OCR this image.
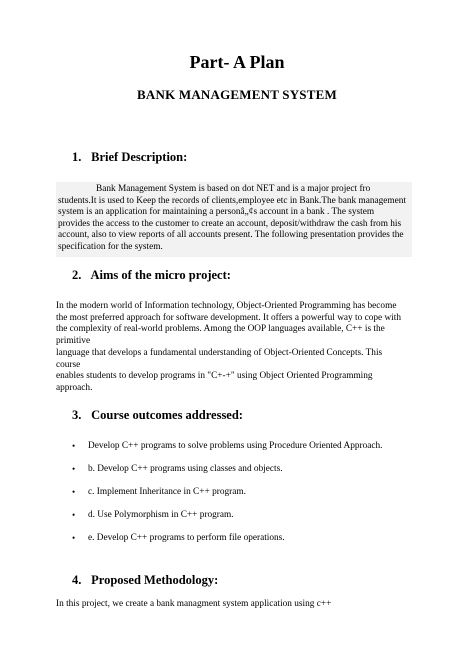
Part- A Plan
BANK MANAGEMENT SYSTEM
1. Brief Description:

Bank Management System is based on dot NET and is a major project fro

students.It is used to Keep the records of clients,employee etc in Bank.The bank management

system is an application for maintaining a personâ„¢s account in a bank . The system

provides the access to the customer to create an account, deposit/withdraw the cash from his

account, also to view reports of all accounts present. The following presentation provides the

specification for the system.

2. Aims of the micro project:

In the modern world of Information technology, Object-Oriented Programming has become
the most preferred approach for software development. It offers a powerful way to cope with
the complexity of real-world problems. Among the OOP languages available, C++ is the
primitive
language that develops a fundamental understanding of Object-Oriented Concepts. This
course
enables students to develop programs in "C+-+" using Object Oriented Programming
approach.

3. Course outcomes addressed:
• Develop C++ programs to solve problems using Procedure Oriented Approach.
• b. Develop C++ programs using classes and objects.
• c. Implement Inheritance in C++ program.
• d. Use Polymorphism in C++ program.
• e. Develop C++ programs to perform file operations.
4. Proposed Methodology:

In this project, we create a bank managment system application using c++
